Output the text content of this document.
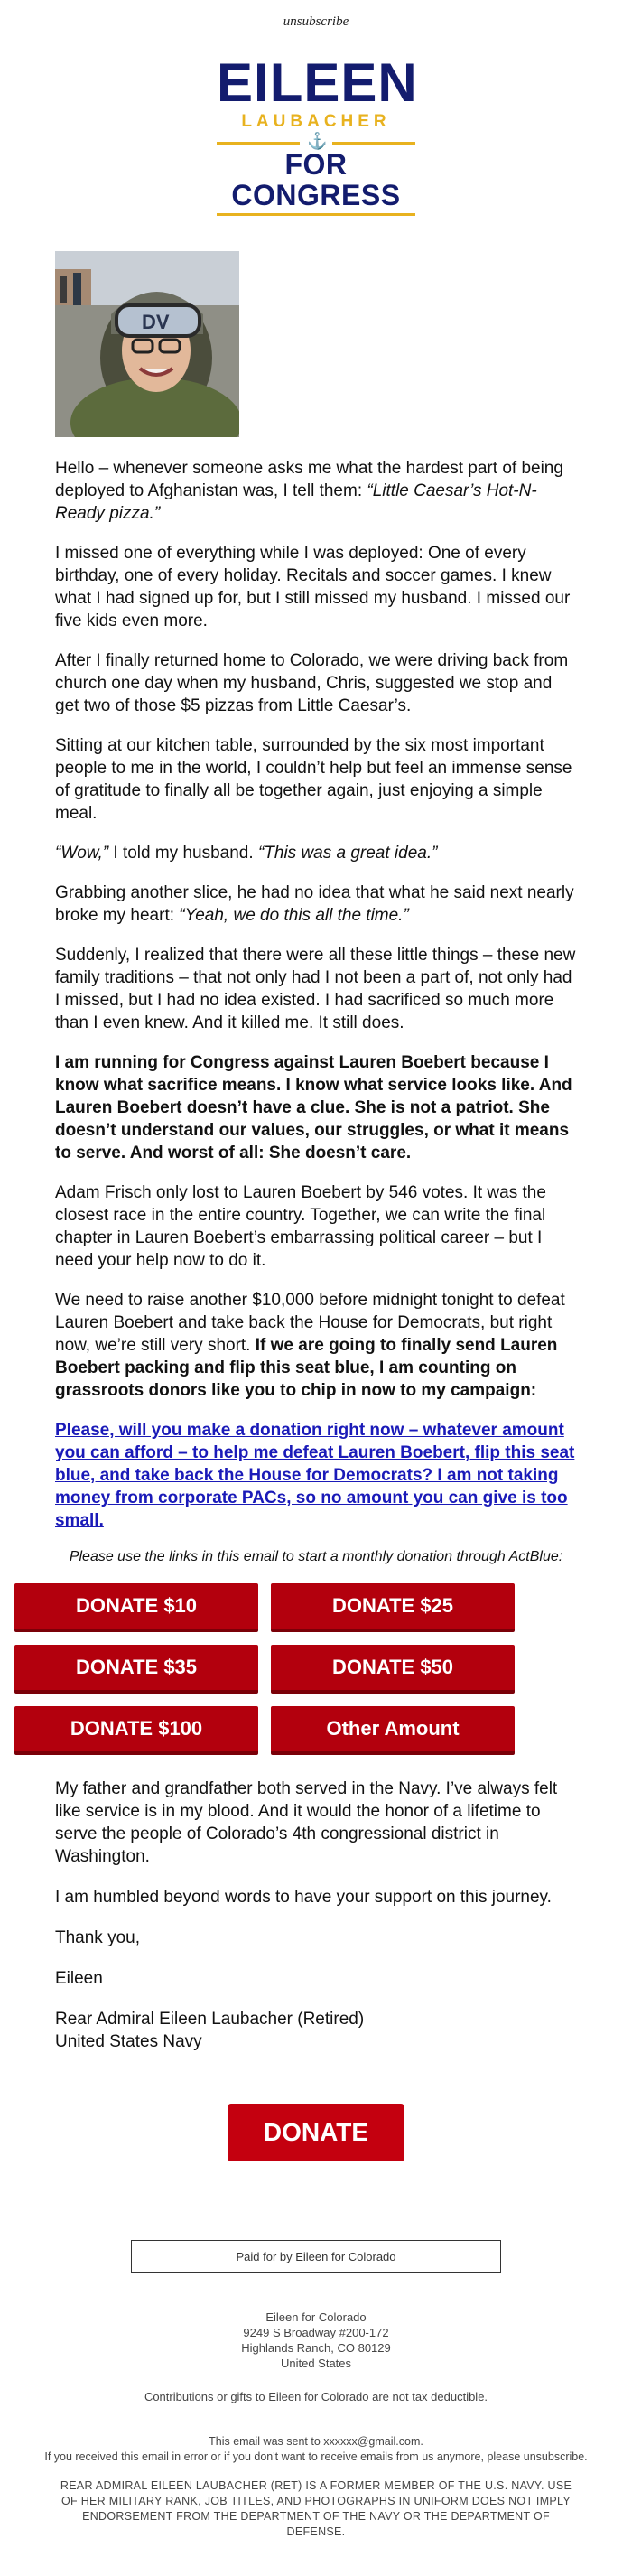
unsubscribe
EILEEN
LAUBACHER
⚓
FOR CONGRESS
DV

Hello – whenever someone asks me what the hardest part of being deployed to Afghanistan was, I tell them: “Little Caesar’s Hot-N-Ready pizza.”

I missed one of everything while I was deployed: One of every birthday, one of every holiday. Recitals and soccer games. I knew what I had signed up for, but I still missed my husband. I missed our five kids even more.

After I finally returned home to Colorado, we were driving back from church one day when my husband, Chris, suggested we stop and get two of those $5 pizzas from Little Caesar’s.

Sitting at our kitchen table, surrounded by the six most important people to me in the world, I couldn’t help but feel an immense sense of gratitude to finally all be together again, just enjoying a simple meal.

“Wow,” I told my husband. “This was a great idea.”

Grabbing another slice, he had no idea that what he said next nearly broke my heart: “Yeah, we do this all the time.”

Suddenly, I realized that there were all these little things – these new family traditions – that not only had I not been a part of, not only had I missed, but I had no idea existed. I had sacrificed so much more than I even knew. And it killed me. It still does.

I am running for Congress against Lauren Boebert because I know what sacrifice means. I know what service looks like. And Lauren Boebert doesn’t have a clue. She is not a patriot. She doesn’t understand our values, our struggles, or what it means to serve. And worst of all: She doesn’t care.

Adam Frisch only lost to Lauren Boebert by 546 votes. It was the closest race in the entire country. Together, we can write the final chapter in Lauren Boebert’s embarrassing political career – but I need your help now to do it.

We need to raise another $10,000 before midnight tonight to defeat Lauren Boebert and take back the House for Democrats, but right now, we’re still very short. If we are going to finally send Lauren Boebert packing and flip this seat blue, I am counting on grassroots donors like you to chip in now to my campaign:

Please, will you make a donation right now – whatever amount you can afford – to help me defeat Lauren Boebert, flip this seat blue, and take back the House for Democrats? I am not taking money from corporate PACs, so no amount you can give is too small.

Please use the links in this email to start a monthly donation through ActBlue:
DONATE $10	DONATE $25
DONATE $35	DONATE $50
DONATE $100	Other Amount

My father and grandfather both served in the Navy. I’ve always felt like service is in my blood. And it would the honor of a lifetime to serve the people of Colorado’s 4th congressional district in Washington.

I am humbled beyond words to have your support on this journey.

Thank you,

Eileen

Rear Admiral Eileen Laubacher (Retired)
United States Navy

DONATE
Paid for by Eileen for Colorado
Eileen for Colorado
9249 S Broadway #200-172
Highlands Ranch, CO 80129
United States
Contributions or gifts to Eileen for Colorado are not tax deductible.
This email was sent to xxxxxx@gmail.com.
If you received this email in error or if you don't want to receive emails from us anymore, please unsubscribe.
REAR ADMIRAL EILEEN LAUBACHER (RET) IS A FORMER MEMBER OF THE U.S. NAVY. USE OF HER MILITARY RANK, JOB TITLES, AND PHOTOGRAPHS IN UNIFORM DOES NOT IMPLY ENDORSEMENT FROM THE DEPARTMENT OF THE NAVY OR THE DEPARTMENT OF DEFENSE.
